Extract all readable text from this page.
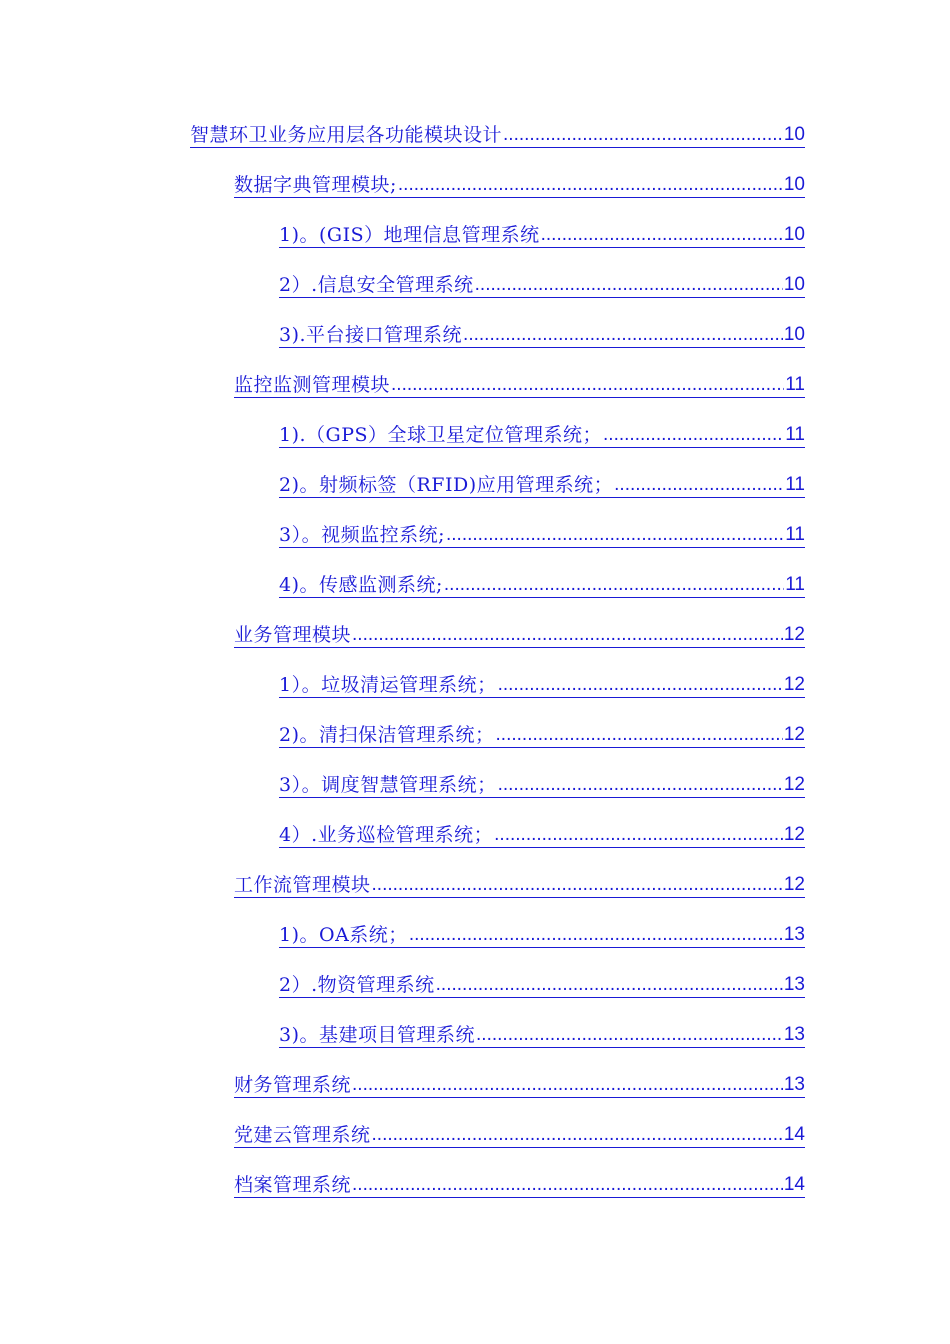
智慧环卫业务应用层各功能模块设计 .....	10
数据字典管理模块; .....	10
1)。(GIS）地理信息管理系统 .....	10
2）.信息安全管理系统 .....	10
3).平台接口管理系统 .....	10
监控监测管理模块 .....	11
1).（GPS）全球卫星定位管理系统； .....	11
2)。射频标签（RFID)应用管理系统； .....	11
3）。视频监控系统; .....	11
4)。传感监测系统; .....	11
业务管理模块 .....	12
1）。垃圾清运管理系统； .....	12
2)。清扫保洁管理系统； .....	12
3）。调度智慧管理系统； .....	12
4）.业务巡检管理系统； .....	12
工作流管理模块 .....	12
1)。OA系统； .....	13
2）.物资管理系统 .....	13
3)。基建项目管理系统 .....	13
财务管理系统 .....	13
党建云管理系统 .....	14
档案管理系统 .....	14
